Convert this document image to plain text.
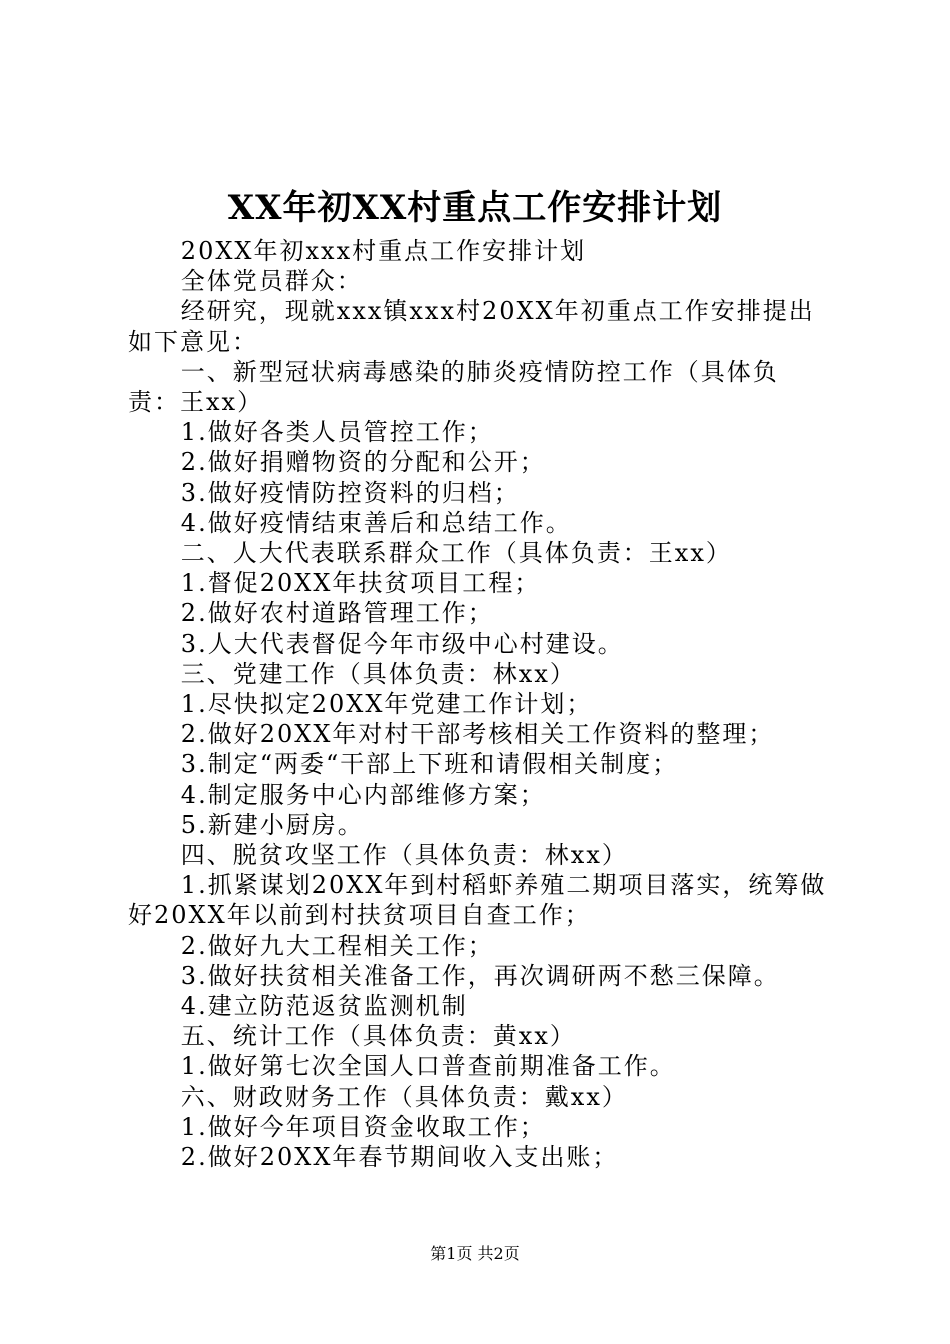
XX年初XX村重点工作安排计划

20XX年初xxx村重点工作安排计划

全体党员群众：

经研究，现就xxx镇xxx村20XX年初重点工作安排提出如下意见：

一、新型冠状病毒感染的肺炎疫情防控工作（具体负责：王xx）

1.做好各类人员管控工作；

2.做好捐赠物资的分配和公开；

3.做好疫情防控资料的归档；

4.做好疫情结束善后和总结工作。

二、人大代表联系群众工作（具体负责：王xx）

1.督促20XX年扶贫项目工程；

2.做好农村道路管理工作；

3.人大代表督促今年市级中心村建设。

三、党建工作（具体负责：林xx）

1.尽快拟定20XX年党建工作计划；

2.做好20XX年对村干部考核相关工作资料的整理；

3.制定“两委“干部上下班和请假相关制度；

4.制定服务中心内部维修方案；

5.新建小厨房。

四、脱贫攻坚工作（具体负责：林xx）

1.抓紧谋划20XX年到村稻虾养殖二期项目落实，统筹做好20XX年以前到村扶贫项目自查工作；

2.做好九大工程相关工作；

3.做好扶贫相关准备工作，再次调研两不愁三保障。

4.建立防范返贫监测机制

五、统计工作（具体负责：黄xx）

1.做好第七次全国人口普查前期准备工作。

六、财政财务工作（具体负责：戴xx）

1.做好今年项目资金收取工作；

2.做好20XX年春节期间收入支出账；

第1页 共2页
